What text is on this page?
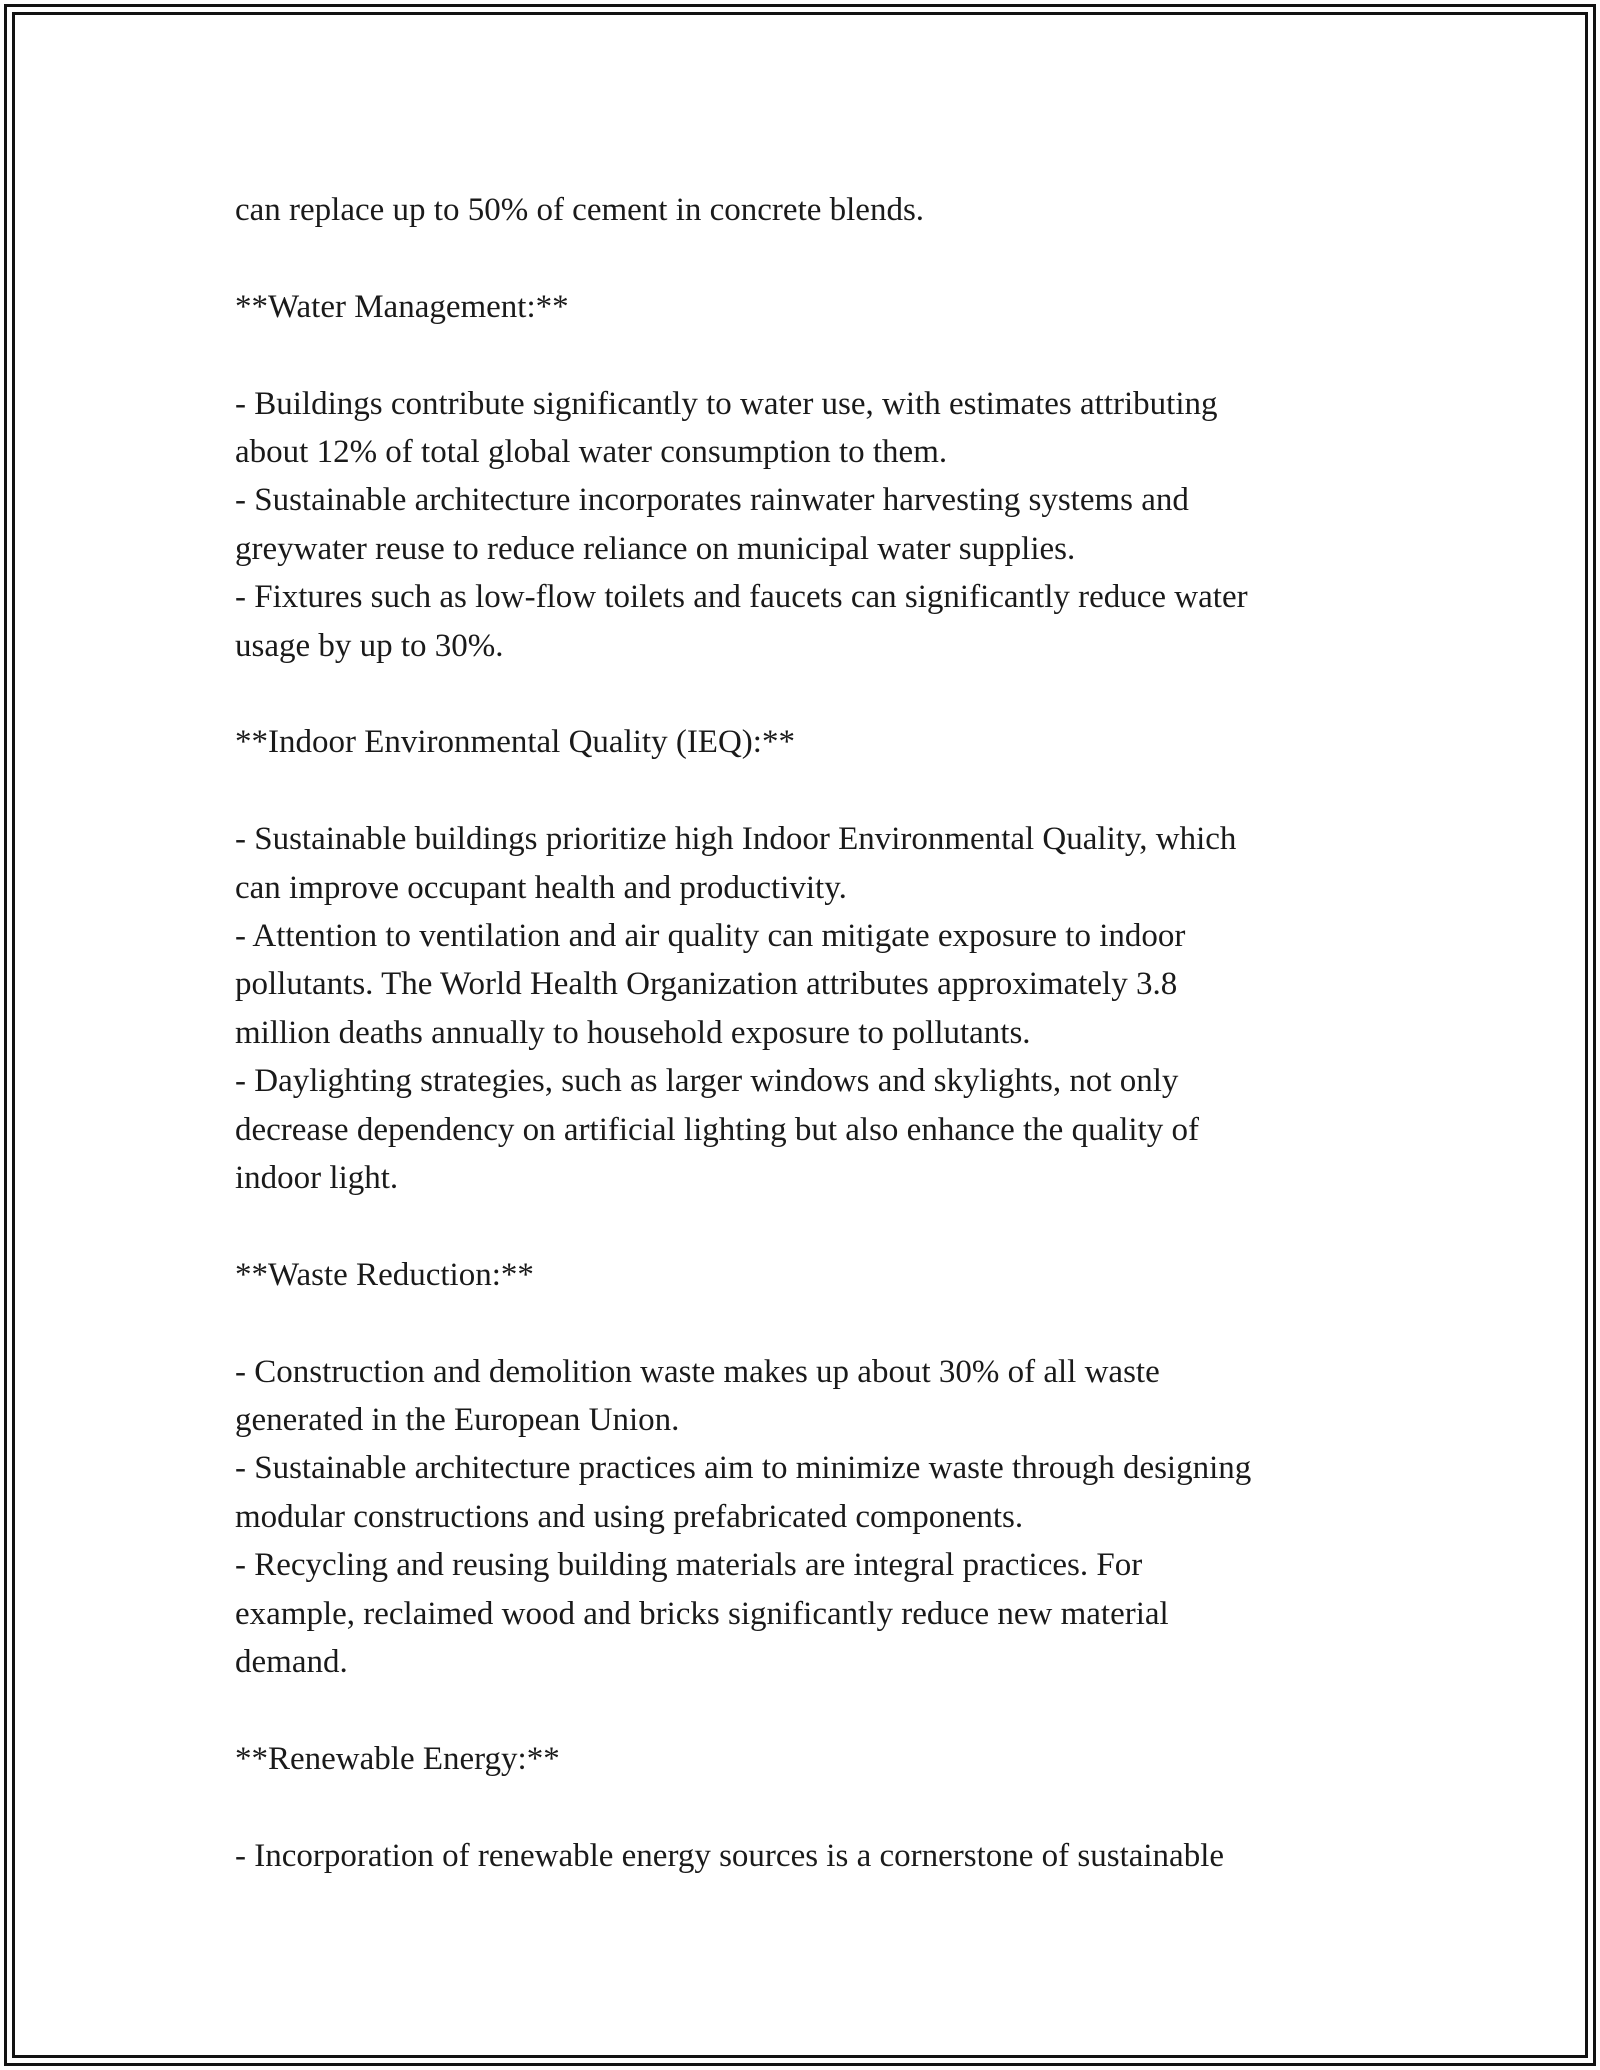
can replace up to 50% of cement in concrete blends.
**Water Management:**
- Buildings contribute significantly to water use, with estimates attributing
about 12% of total global water consumption to them.
- Sustainable architecture incorporates rainwater harvesting systems and
greywater reuse to reduce reliance on municipal water supplies.
- Fixtures such as low-flow toilets and faucets can significantly reduce water
usage by up to 30%.
**Indoor Environmental Quality (IEQ):**
- Sustainable buildings prioritize high Indoor Environmental Quality, which
can improve occupant health and productivity.
- Attention to ventilation and air quality can mitigate exposure to indoor
pollutants. The World Health Organization attributes approximately 3.8
million deaths annually to household exposure to pollutants.
- Daylighting strategies, such as larger windows and skylights, not only
decrease dependency on artificial lighting but also enhance the quality of
indoor light.
**Waste Reduction:**
- Construction and demolition waste makes up about 30% of all waste
generated in the European Union.
- Sustainable architecture practices aim to minimize waste through designing
modular constructions and using prefabricated components.
- Recycling and reusing building materials are integral practices. For
example, reclaimed wood and bricks significantly reduce new material
demand.
**Renewable Energy:**
- Incorporation of renewable energy sources is a cornerstone of sustainable
